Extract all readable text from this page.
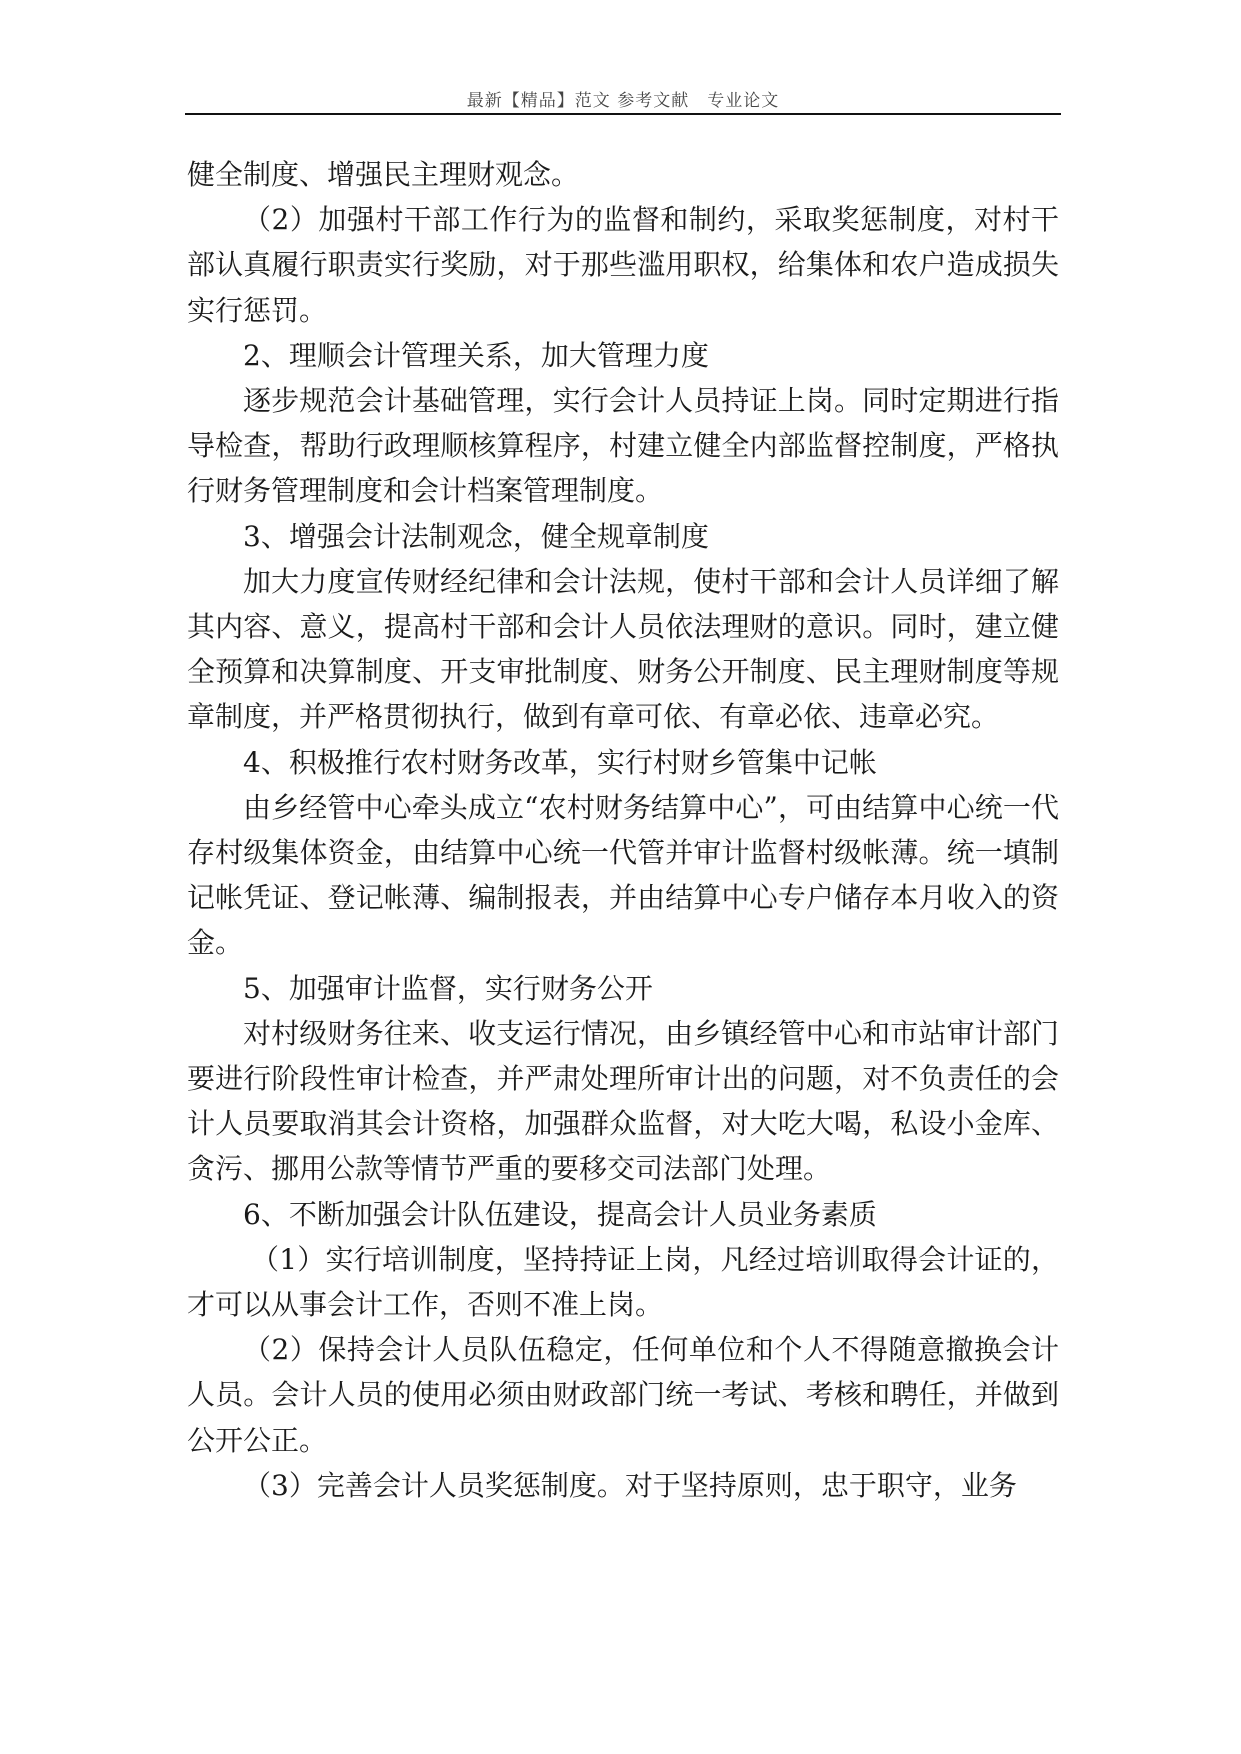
最新【精品】范文 参考文献　专业论文

健全制度、增强民主理财观念。

（2）加强村干部工作行为的监督和制约，采取奖惩制度，对村干部认真履行职责实行奖励，对于那些滥用职权，给集体和农户造成损失实行惩罚。

2、理顺会计管理关系，加大管理力度

逐步规范会计基础管理，实行会计人员持证上岗。同时定期进行指导检查，帮助行政理顺核算程序，村建立健全内部监督控制度，严格执行财务管理制度和会计档案管理制度。

3、增强会计法制观念，健全规章制度

加大力度宣传财经纪律和会计法规，使村干部和会计人员详细了解其内容、意义，提高村干部和会计人员依法理财的意识。同时，建立健全预算和决算制度、开支审批制度、财务公开制度、民主理财制度等规章制度，并严格贯彻执行，做到有章可依、有章必依、违章必究。

4、积极推行农村财务改革，实行村财乡管集中记帐

由乡经管中心牵头成立“农村财务结算中心”，可由结算中心统一代存村级集体资金，由结算中心统一代管并审计监督村级帐薄。统一填制记帐凭证、登记帐薄、编制报表，并由结算中心专户储存本月收入的资金。

5、加强审计监督，实行财务公开

对村级财务往来、收支运行情况，由乡镇经管中心和市站审计部门要进行阶段性审计检查，并严肃处理所审计出的问题，对不负责任的会计人员要取消其会计资格，加强群众监督，对大吃大喝，私设小金库、贪污、挪用公款等情节严重的要移交司法部门处理。

6、不断加强会计队伍建设，提高会计人员业务素质

（1）实行培训制度，坚持持证上岗，凡经过培训取得会计证的，才可以从事会计工作，否则不准上岗。

（2）保持会计人员队伍稳定，任何单位和个人不得随意撤换会计人员。会计人员的使用必须由财政部门统一考试、考核和聘任，并做到公开公正。

（3）完善会计人员奖惩制度。对于坚持原则，忠于职守，业务
